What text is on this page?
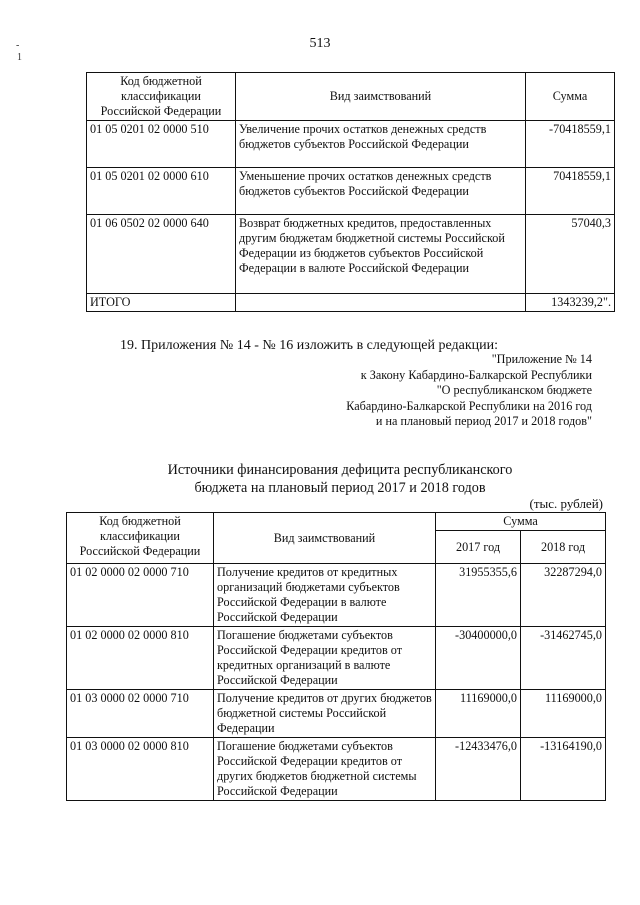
513
-
1
Код бюджетной классификации Российской Федерации	Вид заимствований	Сумма
01 05 0201 02 0000 510	Увеличение прочих остатков денежных средств бюджетов субъектов Российской Федерации	-70418559,1
01 05 0201 02 0000 610	Уменьшение прочих остатков денежных средств бюджетов субъектов Российской Федерации	70418559,1
01 06 0502 02 0000 640	Возврат бюджетных кредитов, предоставленных другим бюджетам бюджетной системы Российской Федерации из бюджетов субъектов Российской Федерации в валюте Российской Федерации	57040,3
ИТОГО		1343239,2".
19. Приложения № 14 - № 16 изложить в следующей редакции:
"Приложение № 14
к Закону Кабардино-Балкарской Республики
"О республиканском бюджете
Кабардино-Балкарской Республики на 2016 год
и на плановый период 2017 и 2018 годов"
Источники финансирования дефицита республиканского
бюджета на плановый период 2017 и 2018 годов
(тыс. рублей)
Код бюджетной классификации Российской Федерации	Вид заимствований	Сумма	
		2017 год	2018 год
01 02 0000 02 0000 710	Получение кредитов от кредитных организаций бюджетами субъектов Российской Федерации в валюте Российской Федерации	31955355,6	32287294,0
01 02 0000 02 0000 810	Погашение бюджетами субъектов Российской Федерации кредитов от кредитных организаций в валюте Российской Федерации	-30400000,0	-31462745,0
01 03 0000 02 0000 710	Получение кредитов от других бюджетов бюджетной системы Российской Федерации	11169000,0	11169000,0
01 03 0000 02 0000 810	Погашение бюджетами субъектов Российской Федерации кредитов от других бюджетов бюджетной системы Российской Федерации	-12433476,0	-13164190,0
